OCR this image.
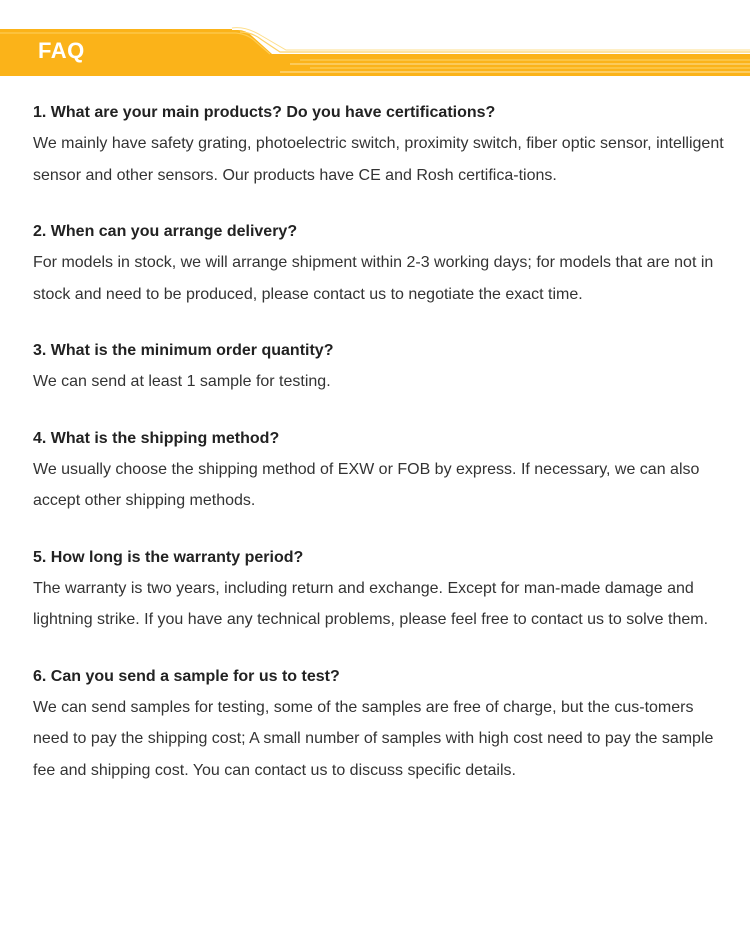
FAQ
1. What are your main products? Do you have certifications?
We mainly have safety grating, photoelectric switch, proximity switch, fiber optic sensor, intelligent sensor and other sensors. Our products have CE and Rosh certifica-tions.
2. When can you arrange delivery?
For models in stock, we will arrange shipment within 2-3 working days; for models that are not in stock and need to be produced, please contact us to negotiate the exact time.
3. What is the minimum order quantity?
We can send at least 1 sample for testing.
4. What is the shipping method?
We usually choose the shipping method of EXW or FOB by express. If necessary, we can also accept other shipping methods.
5. How long is the warranty period?
The warranty is two years, including return and exchange. Except for man-made damage and lightning strike. If you have any technical problems, please feel free to contact us to solve them.
6. Can you send a sample for us to test?
We can send samples for testing, some of the samples are free of charge, but the cus-tomers need to pay the shipping cost; A small number of samples with high cost need to pay the sample fee and shipping cost. You can contact us to discuss specific details.
